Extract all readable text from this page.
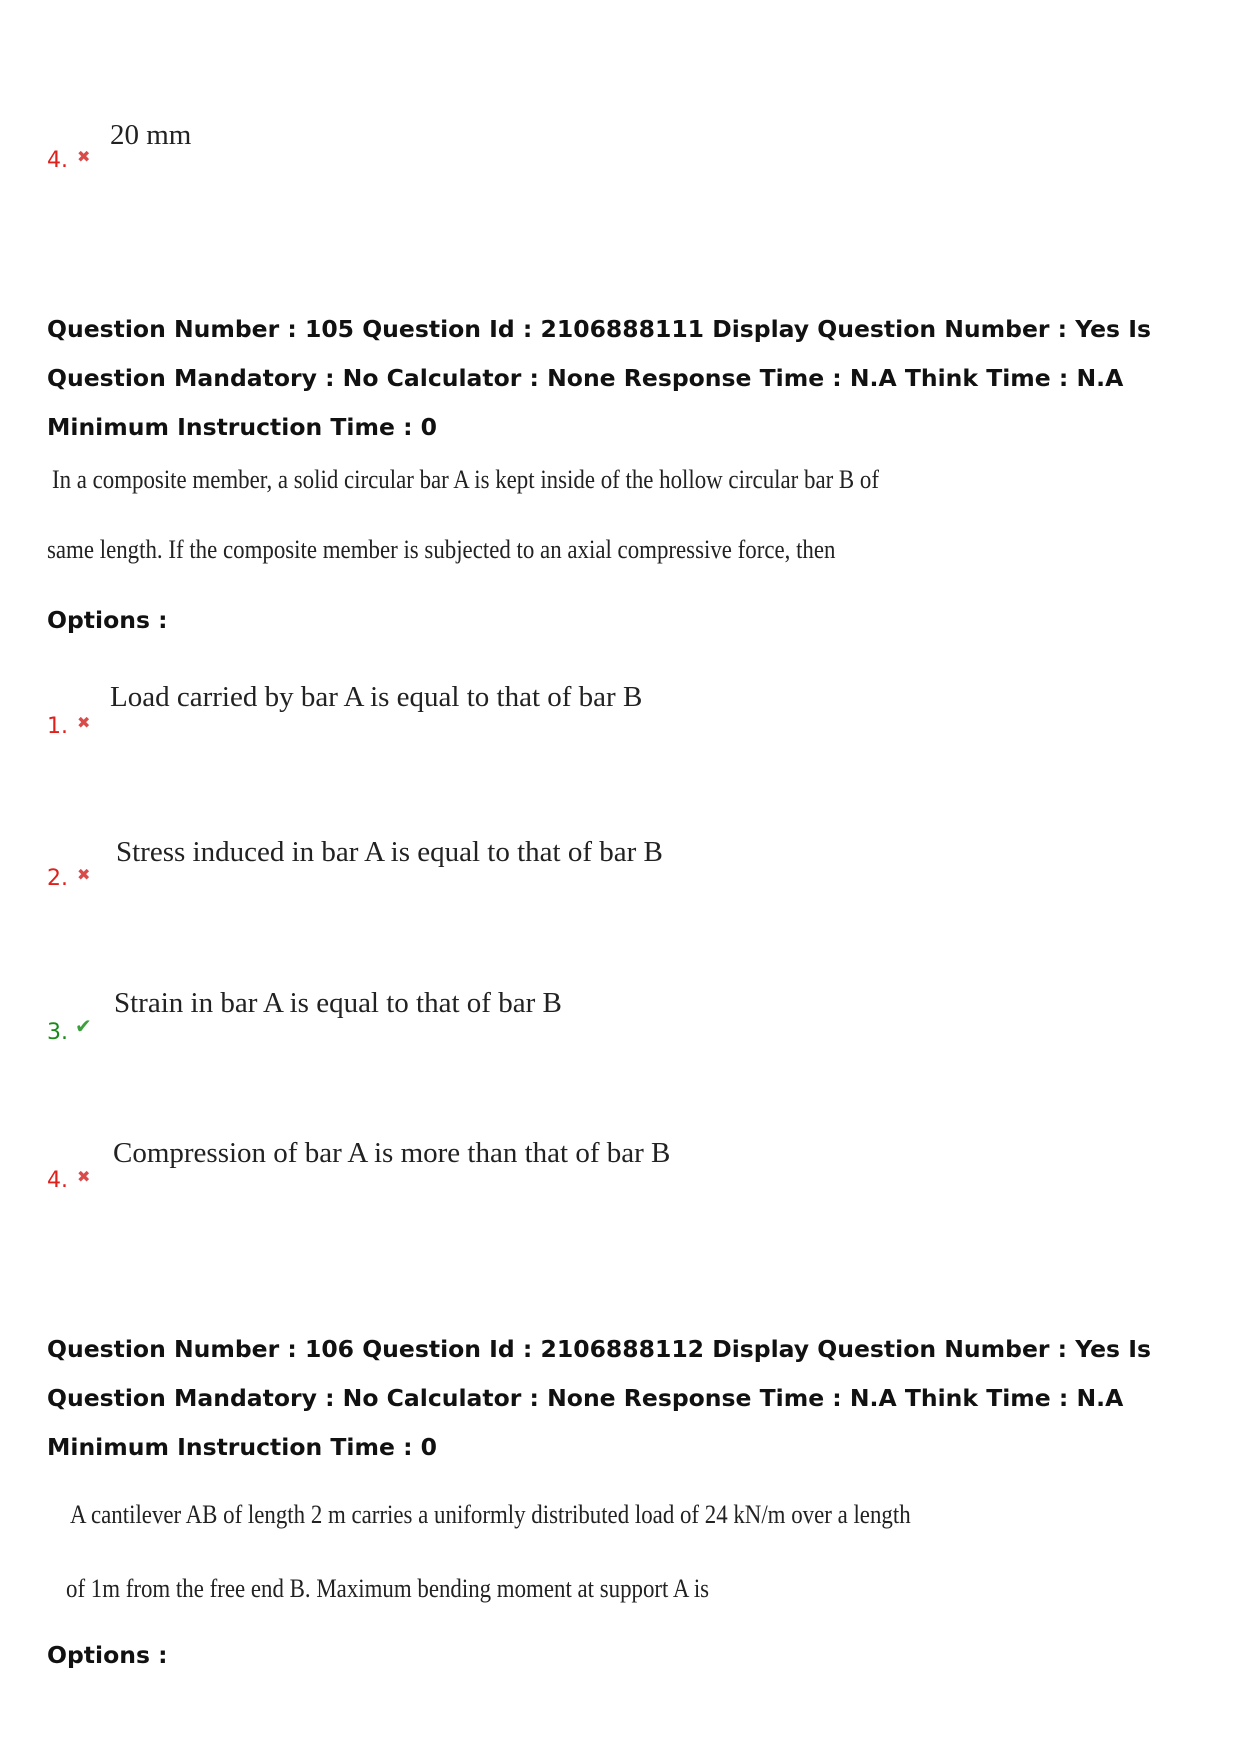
4. ✖
20 mm
Question Number : 105 Question Id : 2106888111 Display Question Number : Yes Is Question Mandatory : No Calculator : None Response Time : N.A Think Time : N.A Minimum Instruction Time : 0
In a composite member, a solid circular bar A is kept inside of the hollow circular bar B of
same length. If the composite member is subjected to an axial compressive force, then
Options :
1. ✖
Load carried by bar A is equal to that of bar B
2. ✖
Stress induced in bar A is equal to that of bar B
3. ✔
Strain in bar A is equal to that of bar B
4. ✖
Compression of bar A is more than that of bar B
Question Number : 106 Question Id : 2106888112 Display Question Number : Yes Is Question Mandatory : No Calculator : None Response Time : N.A Think Time : N.A Minimum Instruction Time : 0
A cantilever AB of length 2 m carries a uniformly distributed load of 24 kN/m over a length
of 1m from the free end B. Maximum bending moment at support A is
Options :
